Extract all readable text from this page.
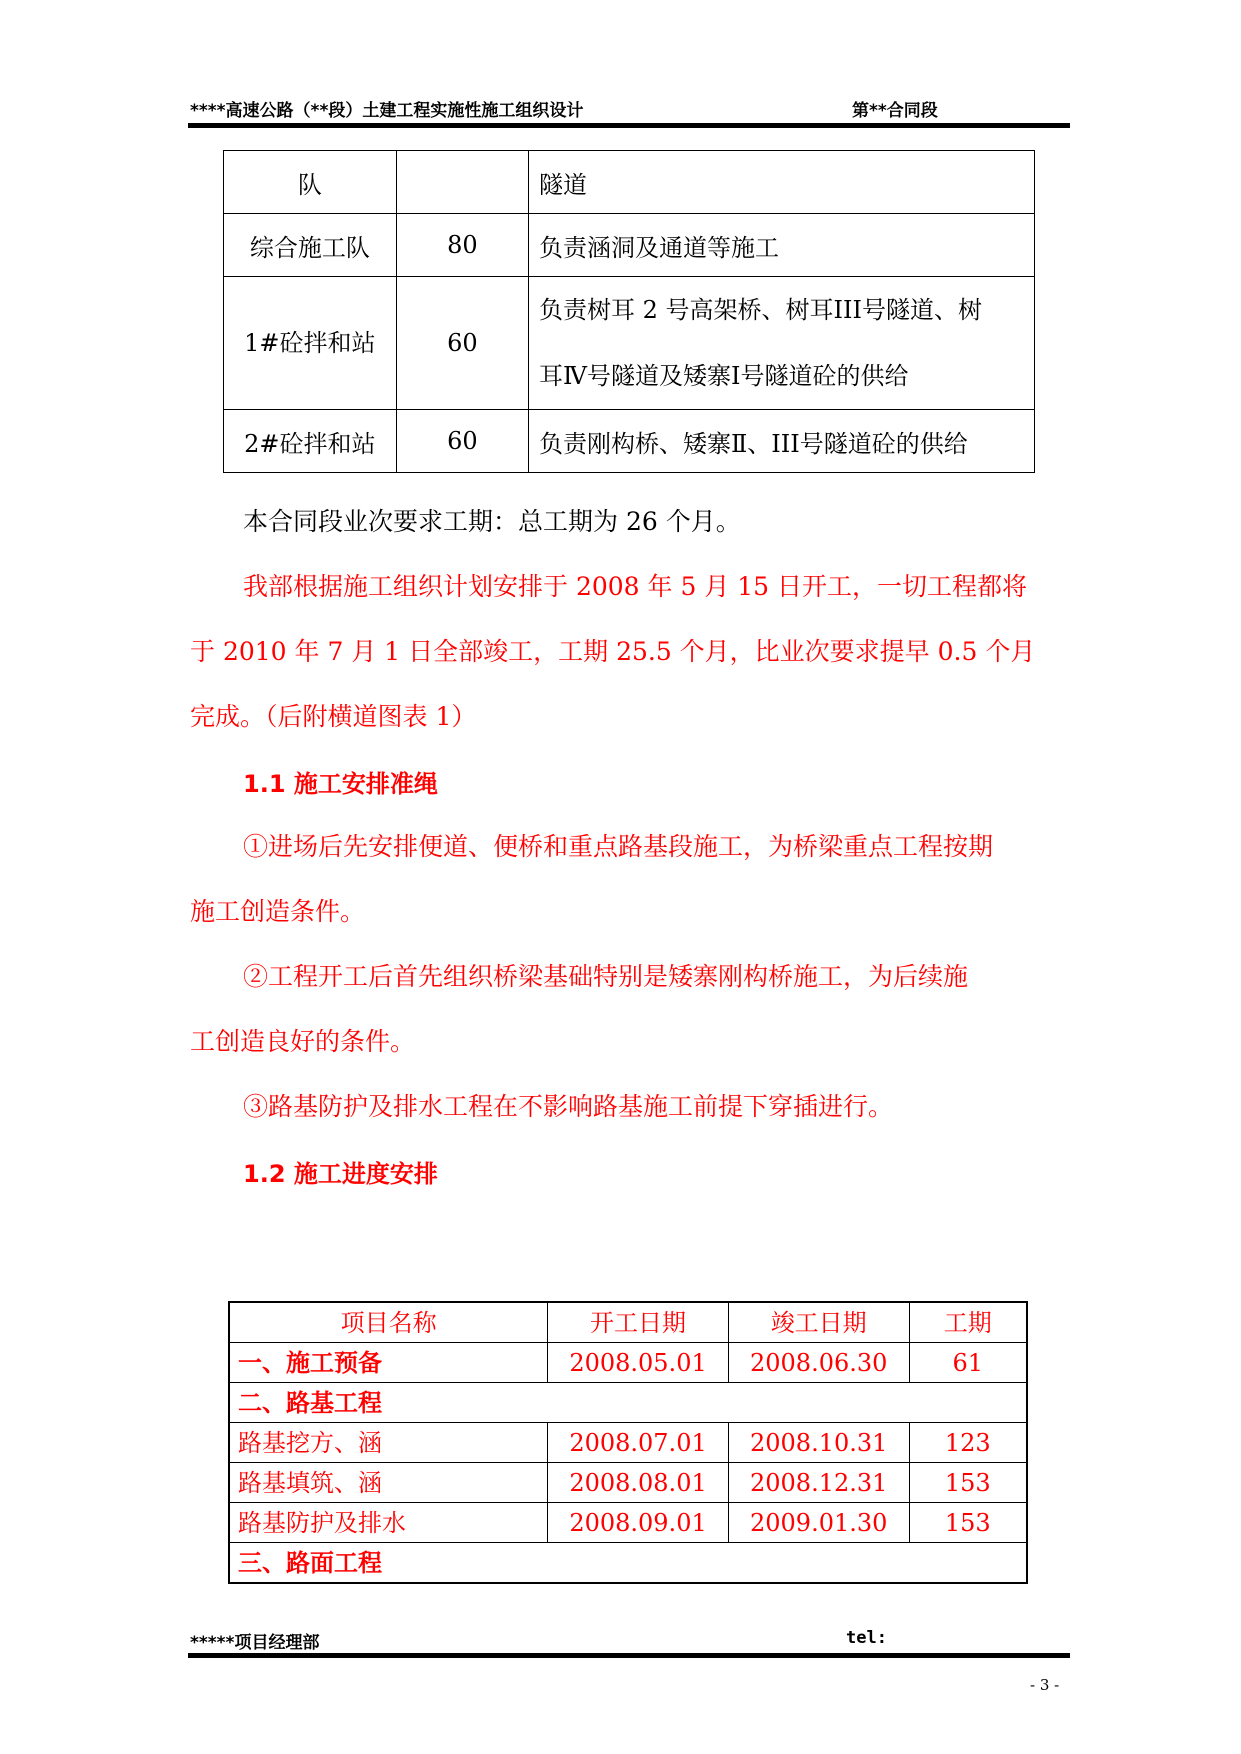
****高速公路（**段）土建工程实施性施工组织设计	第**合同段
队		隧道
综合施工队	80	负责涵洞及通道等施工
1#砼拌和站	60	负责树耳 2 号高架桥、树耳III号隧道、树
耳Ⅳ号隧道及矮寨Ⅰ号隧道砼的供给

2#砼拌和站	60	负责刚构桥、矮寨Ⅱ、III号隧道砼的供给
本合同段业次要求工期：总工期为 26 个月。
我部根据施工组织计划安排于 2008 年 5 月 15 日开工，一切工程都将
于 2010 年 7 月 1 日全部竣工，工期 25.5 个月，比业次要求提早 0.5 个月
完成。（后附横道图表 1）
1.1 施工安排准绳
①进场后先安排便道、便桥和重点路基段施工，为桥梁重点工程按期
施工创造条件。
②工程开工后首先组织桥梁基础特别是矮寨刚构桥施工，为后续施
工创造良好的条件。
③路基防护及排水工程在不影响路基施工前提下穿插进行。
1.2 施工进度安排
项目名称	开工日期	竣工日期	工期
一、施工预备	2008.05.01	2008.06.30	61
二、路基工程			
路基挖方、涵	2008.07.01	2008.10.31	123
路基填筑、涵	2008.08.01	2008.12.31	153
路基防护及排水	2008.09.01	2009.01.30	153
三、路面工程			
*****项目经理部	tel:
- 3 -
